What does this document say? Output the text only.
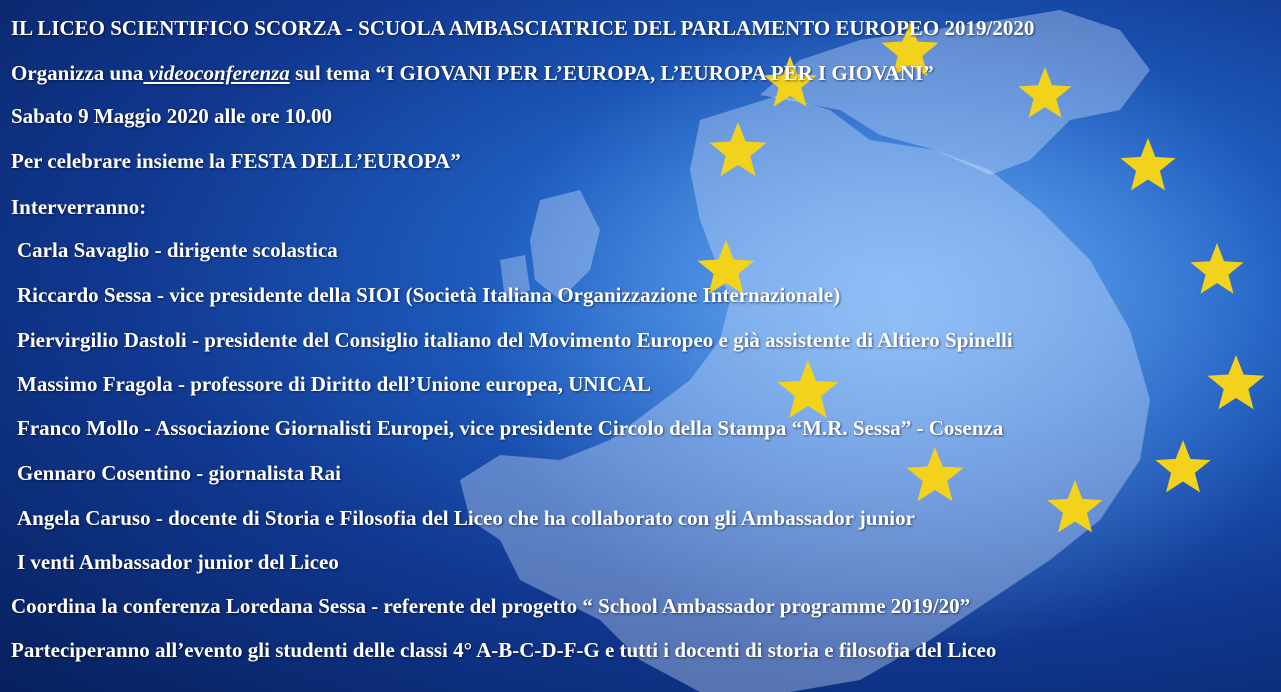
IL LICEO SCIENTIFICO SCORZA - SCUOLA AMBASCIATRICE DEL PARLAMENTO EUROPEO 2019/2020
Organizza una videoconferenza sul tema “I GIOVANI PER L’EUROPA, L’EUROPA PER I GIOVANI”
Sabato 9 Maggio 2020 alle ore 10.00
Per celebrare insieme la FESTA DELL’EUROPA”
Interverranno:
Carla Savaglio - dirigente scolastica
Riccardo Sessa - vice presidente della SIOI (Società Italiana Organizzazione Internazionale)
Piervirgilio Dastoli - presidente del Consiglio italiano del Movimento Europeo e già assistente di Altiero Spinelli
Massimo Fragola - professore di Diritto dell’Unione europea, UNICAL
Franco Mollo - Associazione Giornalisti Europei, vice presidente Circolo della Stampa “M.R. Sessa” - Cosenza
Gennaro Cosentino - giornalista Rai
Angela Caruso - docente di Storia e Filosofia del Liceo che ha collaborato con gli Ambassador junior
I venti Ambassador junior del Liceo
Coordina la conferenza Loredana Sessa - referente del progetto “ School Ambassador programme 2019/20”
Parteciperanno all’evento gli studenti delle classi 4° A-B-C-D-F-G e tutti i docenti di storia e filosofia del Liceo
